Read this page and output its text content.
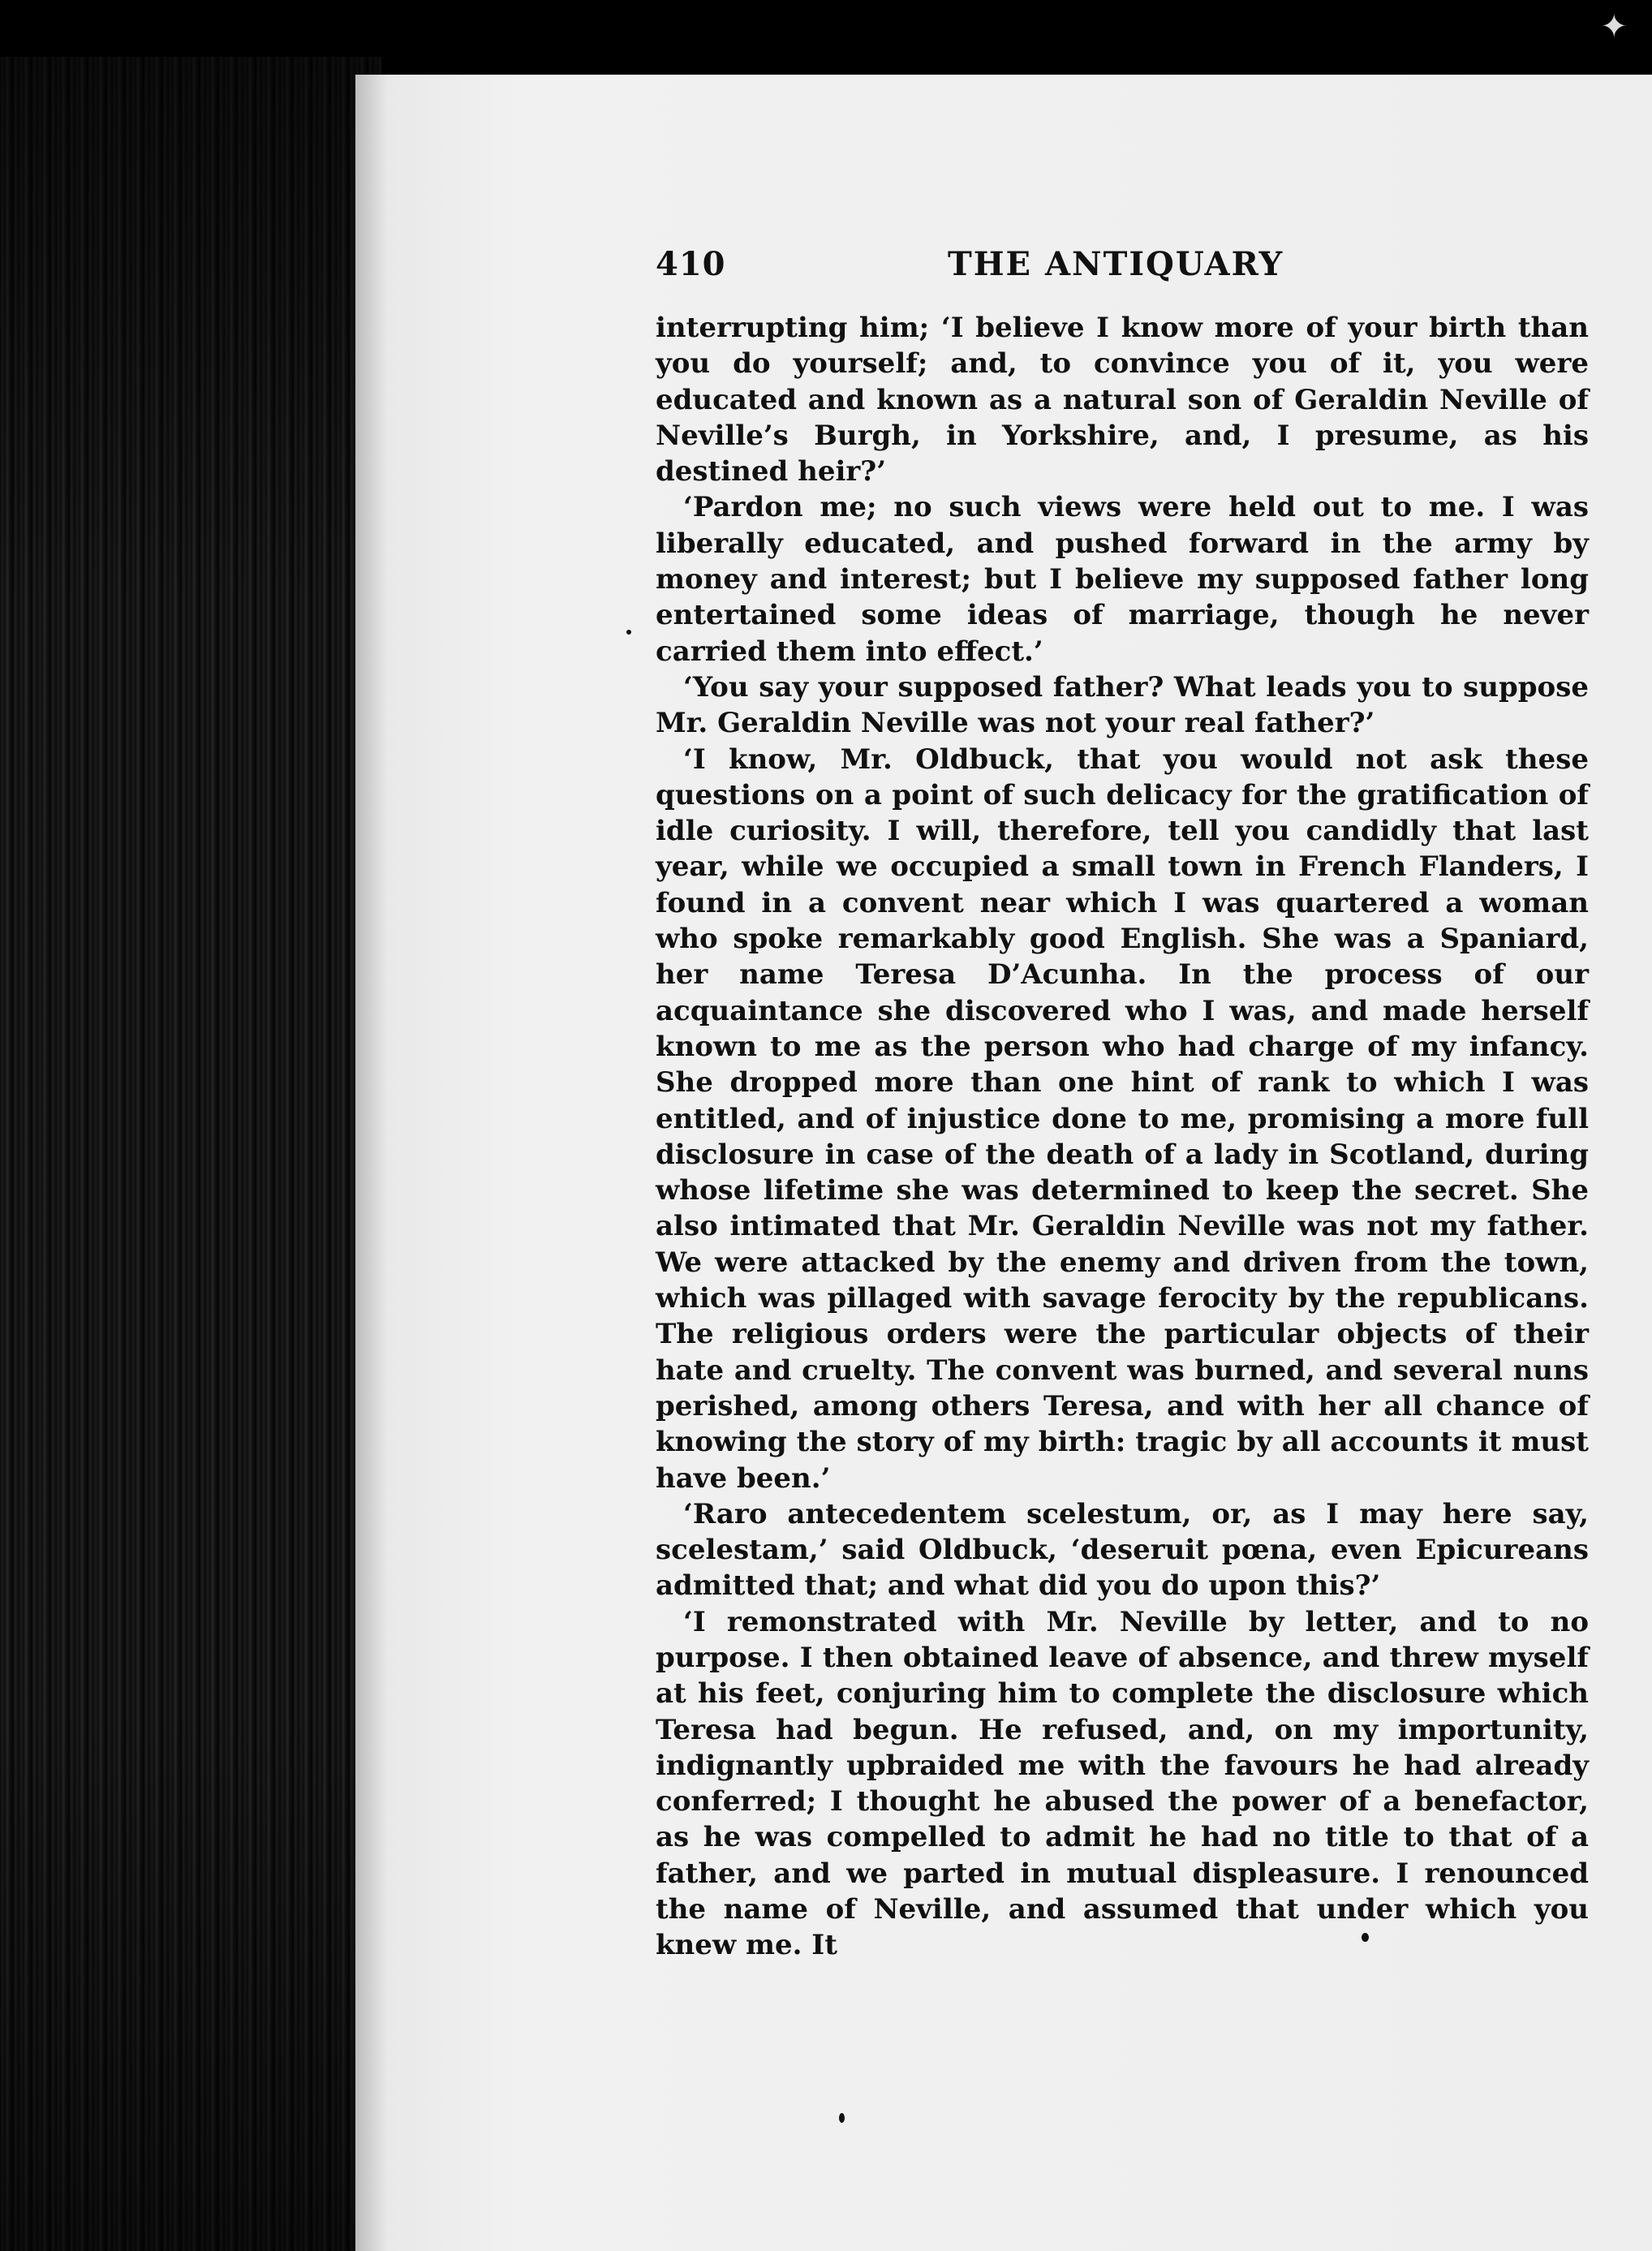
✦
410	THE ANTIQUARY

interrupting him; ‘I believe I know more of your birth than you do yourself; and, to convince you of it, you were educated and known as a natural son of Geraldin Neville of Neville’s Burgh, in Yorkshire, and, I presume, as his destined heir?’

‘Pardon me; no such views were held out to me. I was liberally educated, and pushed forward in the army by money and interest; but I believe my supposed father long entertained some ideas of marriage, though he never carried them into effect.’

‘You say your supposed father? What leads you to suppose Mr. Geraldin Neville was not your real father?’

‘I know, Mr. Oldbuck, that you would not ask these questions on a point of such delicacy for the gratification of idle curiosity. I will, therefore, tell you candidly that last year, while we occupied a small town in French Flanders, I found in a convent near which I was quartered a woman who spoke remarkably good English. She was a Spaniard, her name Teresa D’Acunha. In the process of our acquaintance she discovered who I was, and made herself known to me as the person who had charge of my infancy. She dropped more than one hint of rank to which I was entitled, and of injustice done to me, promising a more full disclosure in case of the death of a lady in Scotland, during whose lifetime she was determined to keep the secret. She also intimated that Mr. Geraldin Neville was not my father. We were attacked by the enemy and driven from the town, which was pillaged with savage ferocity by the republicans. The religious orders were the particular objects of their hate and cruelty. The convent was burned, and several nuns perished, among others Teresa, and with her all chance of knowing the story of my birth: tragic by all accounts it must have been.’

‘Raro antecedentem scelestum, or, as I may here say, scelestam,’ said Oldbuck, ‘deseruit pœna, even Epicureans admitted that; and what did you do upon this?’

‘I remonstrated with Mr. Neville by letter, and to no purpose. I then obtained leave of absence, and threw myself at his feet, conjuring him to complete the disclosure which Teresa had begun. He refused, and, on my importunity, indignantly upbraided me with the favours he had already conferred; I thought he abused the power of a benefactor, as he was compelled to admit he had no title to that of a father, and we parted in mutual displeasure. I renounced the name of Neville, and assumed that under which you knew me. It
